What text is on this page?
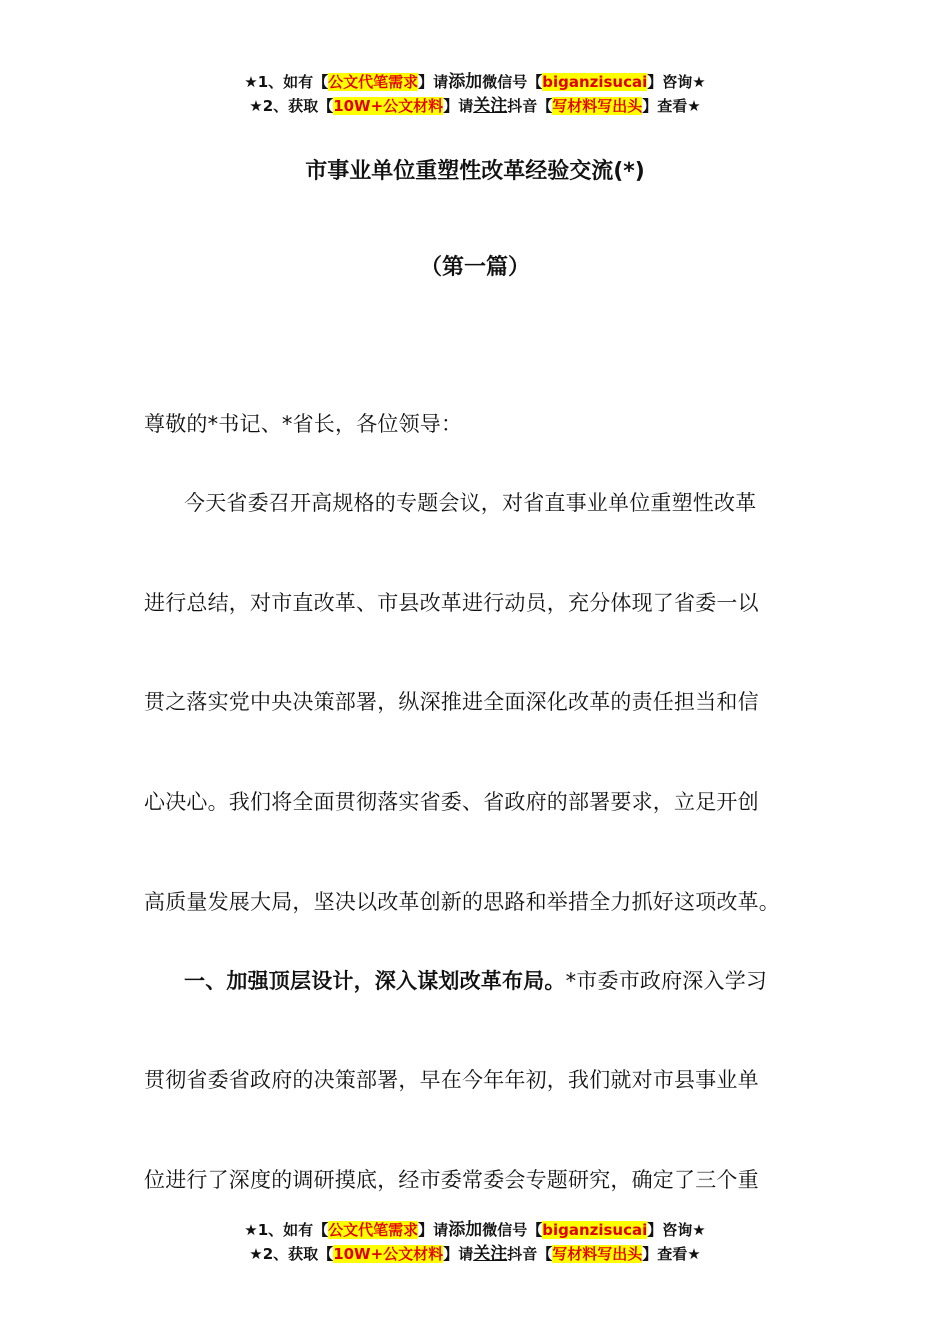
★1、如有【公文代笔需求】请添加微信号【biganzisucai】咨询★
★2、获取【10W+公文材料】请关注抖音【写材料写出头】查看★
市事业单位重塑性改革经验交流(*)
（第一篇）
尊敬的*书记、*省长，各位领导：
今天省委召开高规格的专题会议，对省直事业单位重塑性改革
进行总结，对市直改革、市县改革进行动员，充分体现了省委一以
贯之落实党中央决策部署，纵深推进全面深化改革的责任担当和信
心决心。我们将全面贯彻落实省委、省政府的部署要求，立足开创
高质量发展大局，坚决以改革创新的思路和举措全力抓好这项改革。
一、加强顶层设计，深入谋划改革布局。*市委市政府深入学习
贯彻省委省政府的决策部署，早在今年年初，我们就对市县事业单
位进行了深度的调研摸底，经市委常委会专题研究，确定了三个重
★1、如有【公文代笔需求】请添加微信号【biganzisucai】咨询★
★2、获取【10W+公文材料】请关注抖音【写材料写出头】查看★
